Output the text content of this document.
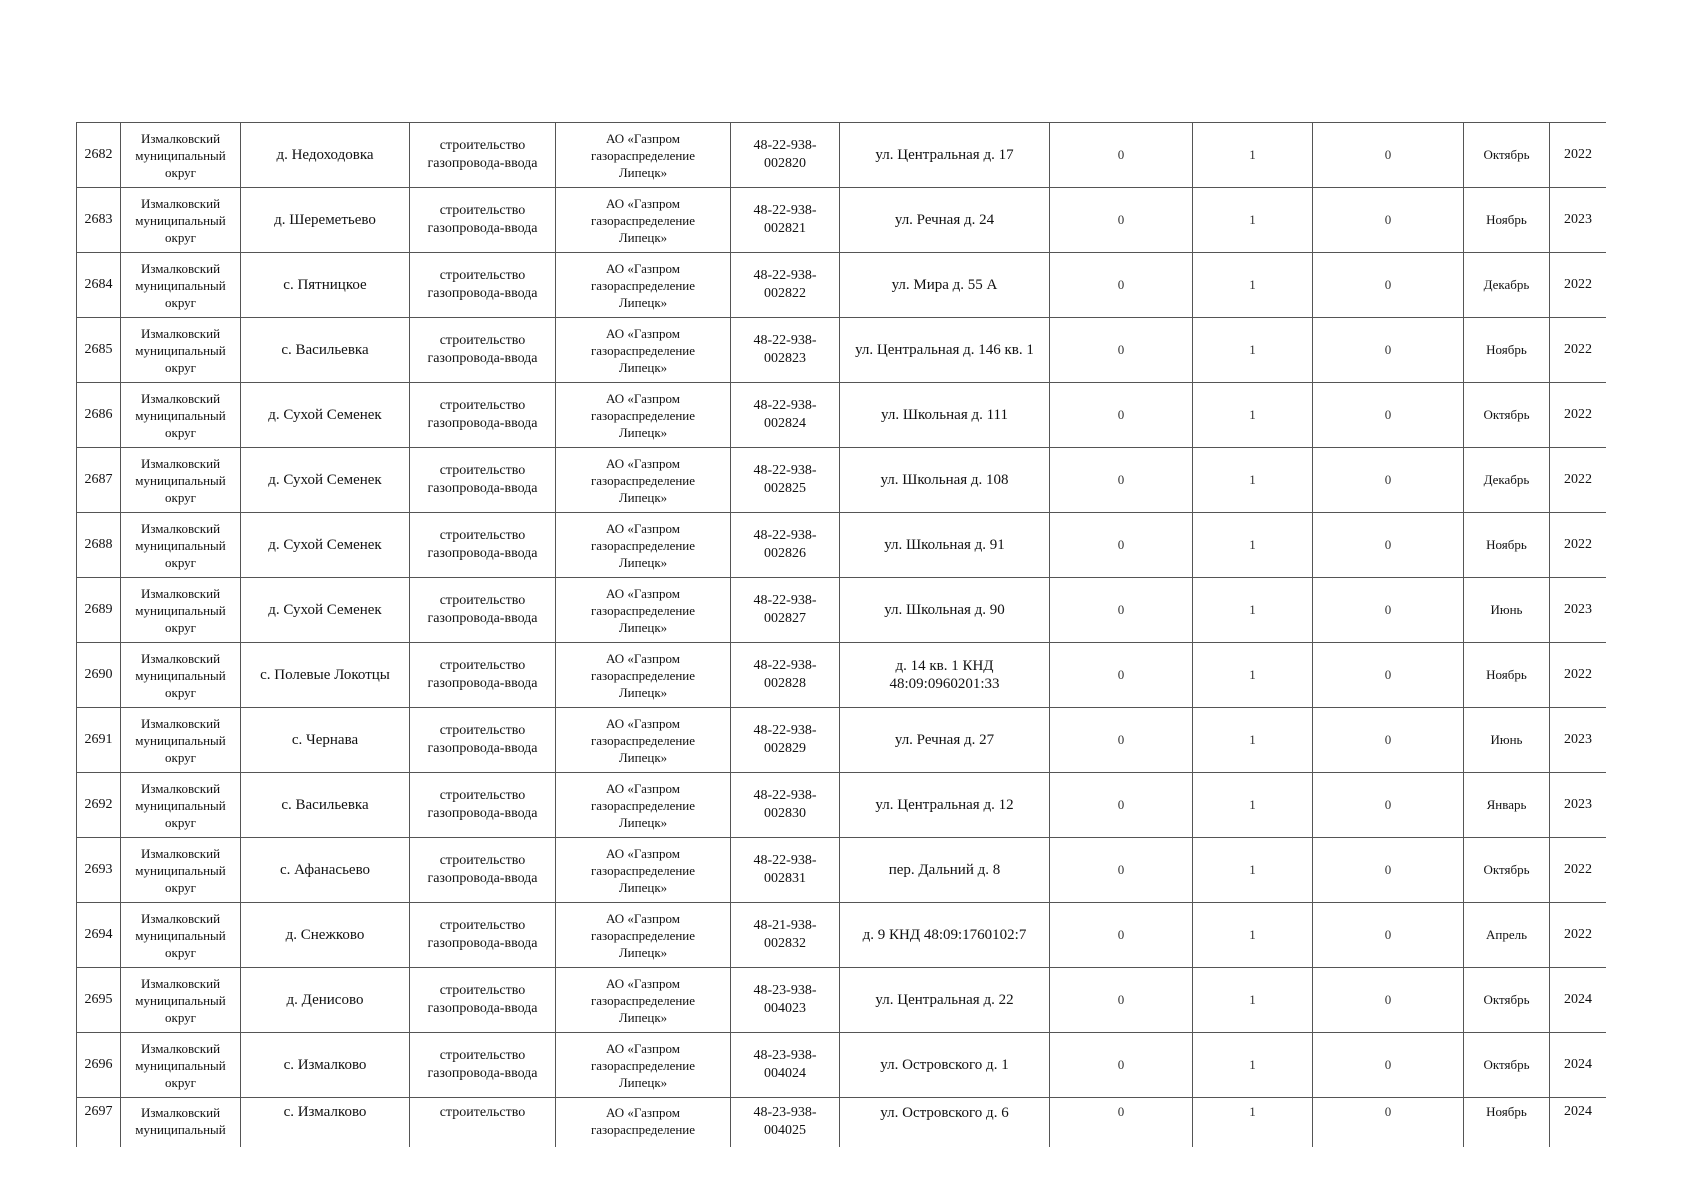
2682	Измалковский
муниципальный
округ	д. Недоходовка	строительство
газопровода-ввода	АО «Газпром
газораспределение
Липецк»	48-22-938-
002820	ул. Центральная д. 17	0	1	0	Октябрь	2022
2683	Измалковский
муниципальный
округ	д. Шереметьево	строительство
газопровода-ввода	АО «Газпром
газораспределение
Липецк»	48-22-938-
002821	ул. Речная д. 24	0	1	0	Ноябрь	2023
2684	Измалковский
муниципальный
округ	с. Пятницкое	строительство
газопровода-ввода	АО «Газпром
газораспределение
Липецк»	48-22-938-
002822	ул. Мира д. 55 А	0	1	0	Декабрь	2022
2685	Измалковский
муниципальный
округ	с. Васильевка	строительство
газопровода-ввода	АО «Газпром
газораспределение
Липецк»	48-22-938-
002823	ул. Центральная д. 146 кв. 1	0	1	0	Ноябрь	2022
2686	Измалковский
муниципальный
округ	д. Сухой Семенек	строительство
газопровода-ввода	АО «Газпром
газораспределение
Липецк»	48-22-938-
002824	ул. Школьная д. 111	0	1	0	Октябрь	2022
2687	Измалковский
муниципальный
округ	д. Сухой Семенек	строительство
газопровода-ввода	АО «Газпром
газораспределение
Липецк»	48-22-938-
002825	ул. Школьная д. 108	0	1	0	Декабрь	2022
2688	Измалковский
муниципальный
округ	д. Сухой Семенек	строительство
газопровода-ввода	АО «Газпром
газораспределение
Липецк»	48-22-938-
002826	ул. Школьная д. 91	0	1	0	Ноябрь	2022
2689	Измалковский
муниципальный
округ	д. Сухой Семенек	строительство
газопровода-ввода	АО «Газпром
газораспределение
Липецк»	48-22-938-
002827	ул. Школьная д. 90	0	1	0	Июнь	2023
2690	Измалковский
муниципальный
округ	с. Полевые Локотцы	строительство
газопровода-ввода	АО «Газпром
газораспределение
Липецк»	48-22-938-
002828	д. 14 кв. 1 КНД
48:09:0960201:33	0	1	0	Ноябрь	2022
2691	Измалковский
муниципальный
округ	с. Чернава	строительство
газопровода-ввода	АО «Газпром
газораспределение
Липецк»	48-22-938-
002829	ул. Речная д. 27	0	1	0	Июнь	2023
2692	Измалковский
муниципальный
округ	с. Васильевка	строительство
газопровода-ввода	АО «Газпром
газораспределение
Липецк»	48-22-938-
002830	ул. Центральная д. 12	0	1	0	Январь	2023
2693	Измалковский
муниципальный
округ	с. Афанасьево	строительство
газопровода-ввода	АО «Газпром
газораспределение
Липецк»	48-22-938-
002831	пер. Дальний д. 8	0	1	0	Октябрь	2022
2694	Измалковский
муниципальный
округ	д. Снежково	строительство
газопровода-ввода	АО «Газпром
газораспределение
Липецк»	48-21-938-
002832	д. 9 КНД 48:09:1760102:7	0	1	0	Апрель	2022
2695	Измалковский
муниципальный
округ	д. Денисово	строительство
газопровода-ввода	АО «Газпром
газораспределение
Липецк»	48-23-938-
004023	ул. Центральная д. 22	0	1	0	Октябрь	2024
2696	Измалковский
муниципальный
округ	с. Измалково	строительство
газопровода-ввода	АО «Газпром
газораспределение
Липецк»	48-23-938-
004024	ул. Островского д. 1	0	1	0	Октябрь	2024
2697	Измалковский
муниципальный	с. Измалково	строительство	АО «Газпром
газораспределение	48-23-938-
004025	ул. Островского д. 6	0	1	0	Ноябрь	2024
